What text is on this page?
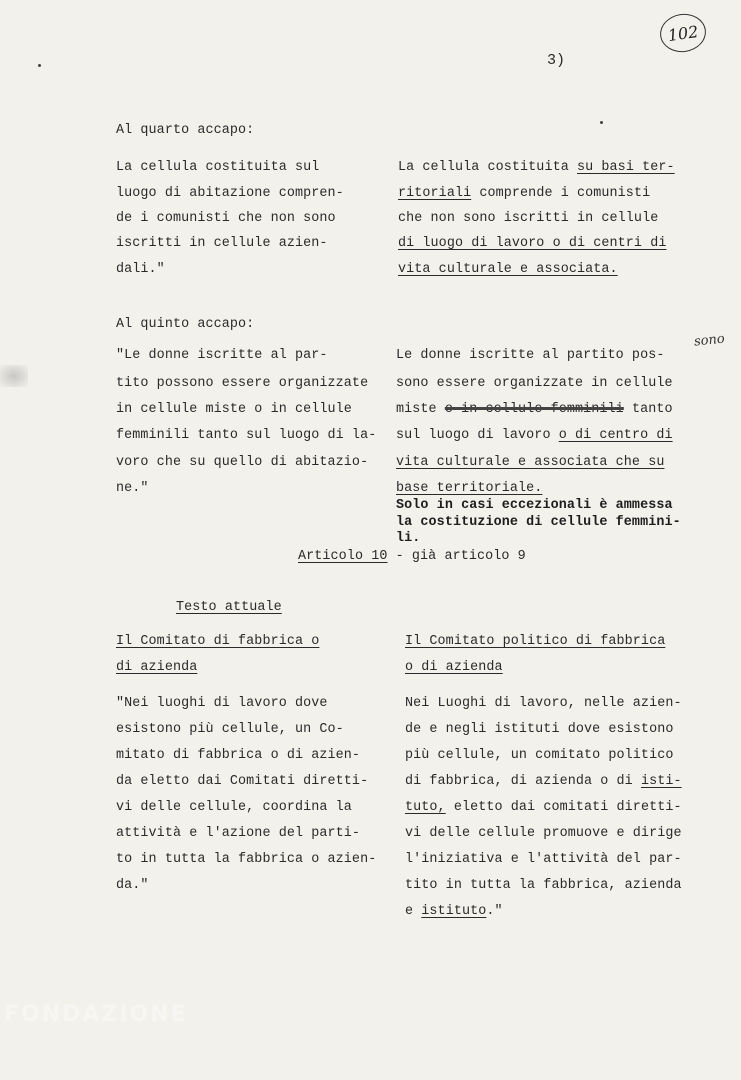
102
3)
Al quarto accapo:
La cellula costituita sul
luogo di abitazione compren-
de i comunisti che non sono
iscritti in cellule azien-
dali."
La cellula costituita su basi ter-
ritoriali comprende i comunisti
che non sono iscritti in cellule
di luogo di lavoro o di centri di
vita culturale e associata.
Al quinto accapo:
sono
"Le donne iscritte al par-
tito possono essere organizzate
in cellule miste o in cellule
femminili tanto sul luogo di la-
voro che su quello di abitazio-
ne."
Le donne iscritte al partito pos-
sono essere organizzate in cellule
miste o in cellule femminili tanto
sul luogo di lavoro o di centro di
vita culturale e associata che su
base territoriale.
Solo in casi eccezionali è ammessa
la costituzione di cellule femmini-
li.
Articolo 10 - già articolo 9
Testo attuale
Il Comitato di fabbrica o
di azienda
Il Comitato politico di fabbrica
o di azienda
"Nei luoghi di lavoro dove
esistono più cellule, un Co-
mitato di fabbrica o di azien-
da eletto dai Comitati diretti-
vi delle cellule, coordina la
attività e l'azione del parti-
to in tutta la fabbrica o azien-
da."
Nei Luoghi di lavoro, nelle azien-
de e negli istituti dove esistono
più cellule, un comitato politico
di fabbrica, di azienda o di isti-
tuto, eletto dai comitati diretti-
vi delle cellule promuove e dirige
l'iniziativa e l'attività del par-
tito in tutta la fabbrica, azienda
e istituto."
FONDAZIONE
